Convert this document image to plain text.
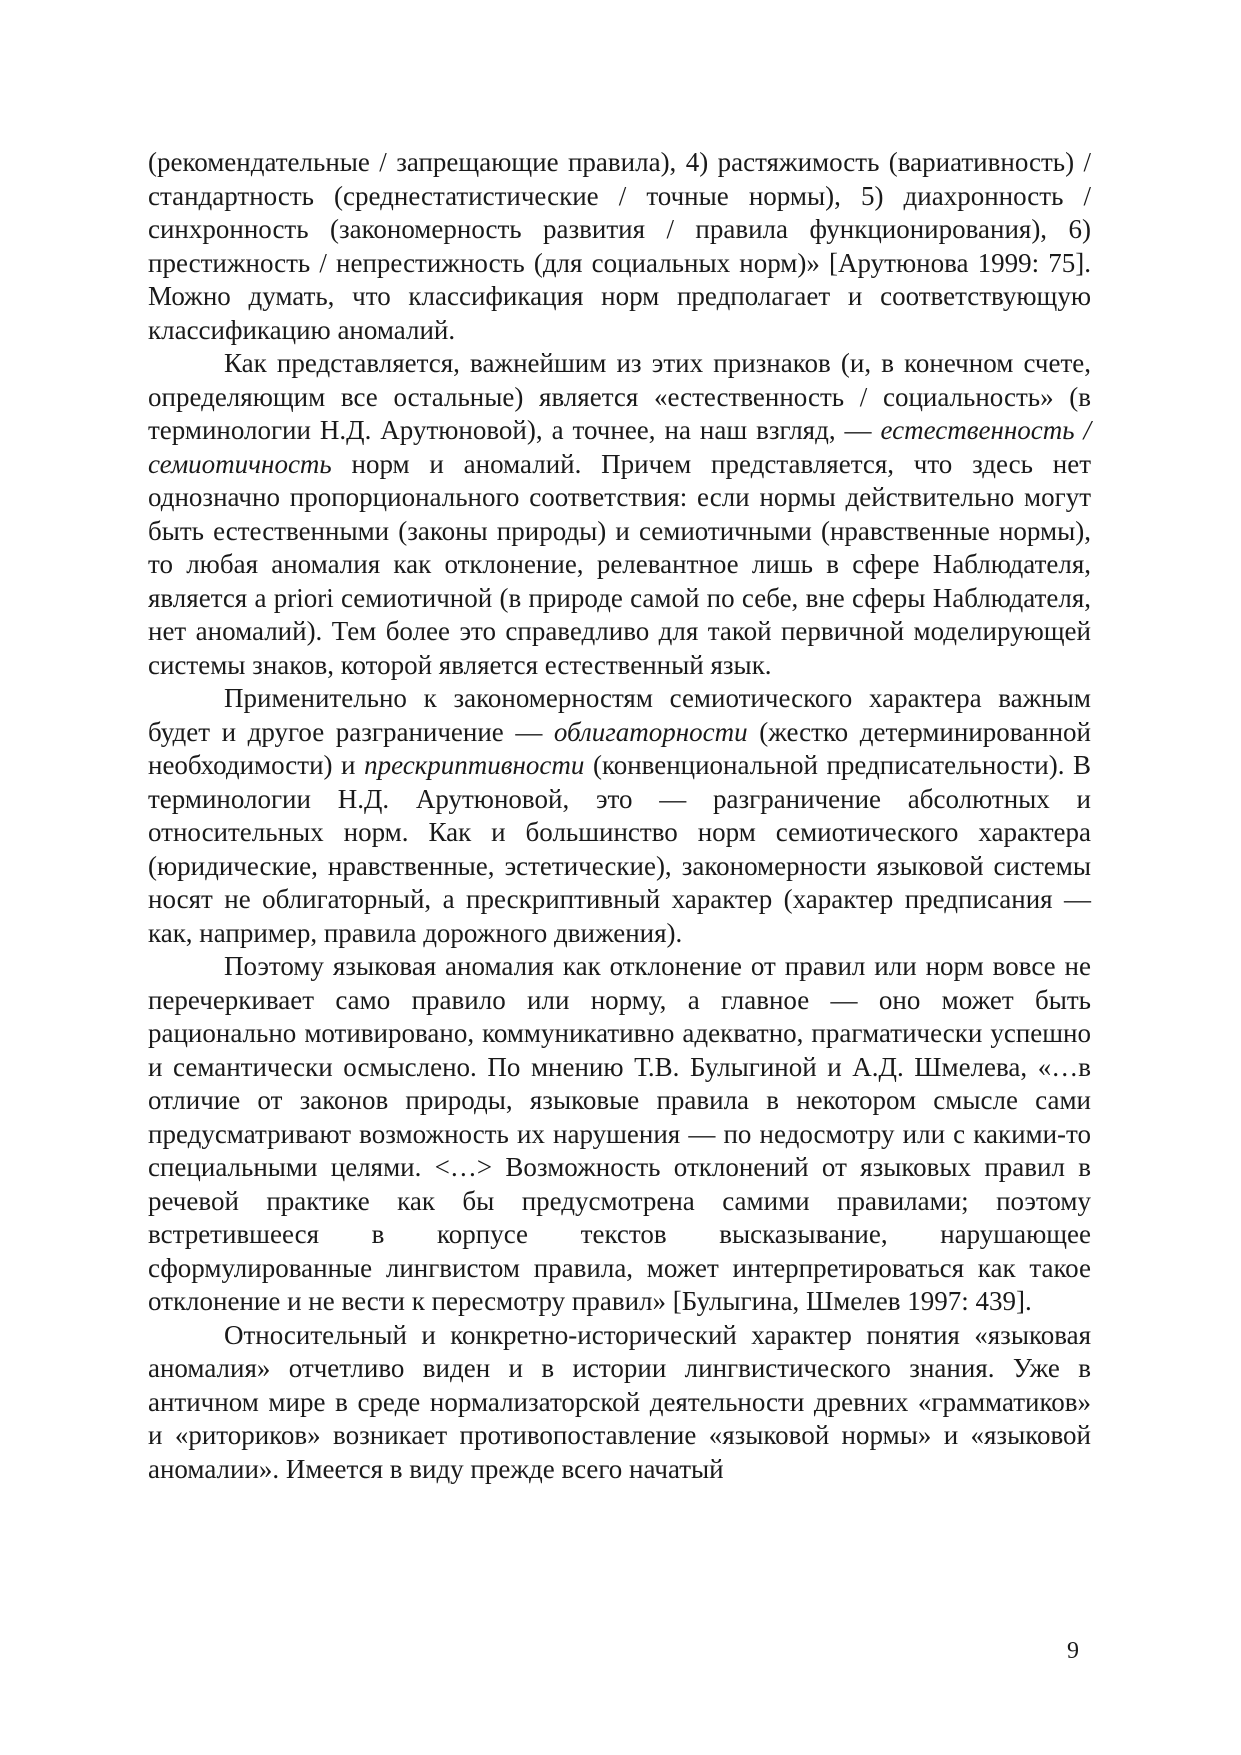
(рекомендательные / запрещающие правила), 4) растяжимость (вариативность) / стандартность (среднестатистические / точные нормы), 5) диахронность / синхронность (закономерность развития / правила функционирования), 6) престижность / непрестижность (для социальных норм)» [Арутюнова 1999: 75]. Можно думать, что классификация норм предполагает и соответствующую классификацию аномалий.

Как представляется, важнейшим из этих признаков (и, в конечном счете, определяющим все остальные) является «естественность / социальность» (в терминологии Н.Д. Арутюновой), а точнее, на наш взгляд, — естественность / семиотичность норм и аномалий. Причем представляется, что здесь нет однозначно пропорционального соответствия: если нормы действительно могут быть естественными (законы природы) и семиотичными (нравственные нормы), то любая аномалия как отклонение, релевантное лишь в сфере Наблюдателя, является a priori семиотичной (в природе самой по себе, вне сферы Наблюдателя, нет аномалий). Тем более это справедливо для такой первичной моделирующей системы знаков, которой является естественный язык.

Применительно к закономерностям семиотического характера важным будет и другое разграничение — облигаторности (жестко детерминированной необходимости) и прескриптивности (конвенциональной предписательности). В терминологии Н.Д. Арутюновой, это — разграничение абсолютных и относительных норм. Как и большинство норм семиотического характера (юридические, нравственные, эстетические), закономерности языковой системы носят не облигаторный, а прескриптивный характер (характер предписания — как, например, правила дорожного движения).

Поэтому языковая аномалия как отклонение от правил или норм вовсе не перечеркивает само правило или норму, а главное — оно может быть рационально мотивировано, коммуникативно адекватно, прагматически успешно и семантически осмыслено. По мнению Т.В. Булыгиной и А.Д. Шмелева, «…в отличие от законов природы, языковые правила в некотором смысле сами предусматривают возможность их нарушения — по недосмотру или с какими-то специальными целями. <…> Возможность отклонений от языковых правил в речевой практике как бы предусмотрена самими правилами; поэтому встретившееся в корпусе текстов высказывание, нарушающее сформулированные лингвистом правила, может интерпретироваться как такое отклонение и не вести к пересмотру правил» [Булыгина, Шмелев 1997: 439].

Относительный и конкретно-исторический характер понятия «языковая аномалия» отчетливо виден и в истории лингвистического знания. Уже в античном мире в среде нормализаторской деятельности древних «грамматиков» и «риториков» возникает противопоставление «языковой нормы» и «языковой аномалии». Имеется в виду прежде всего начатый

9
